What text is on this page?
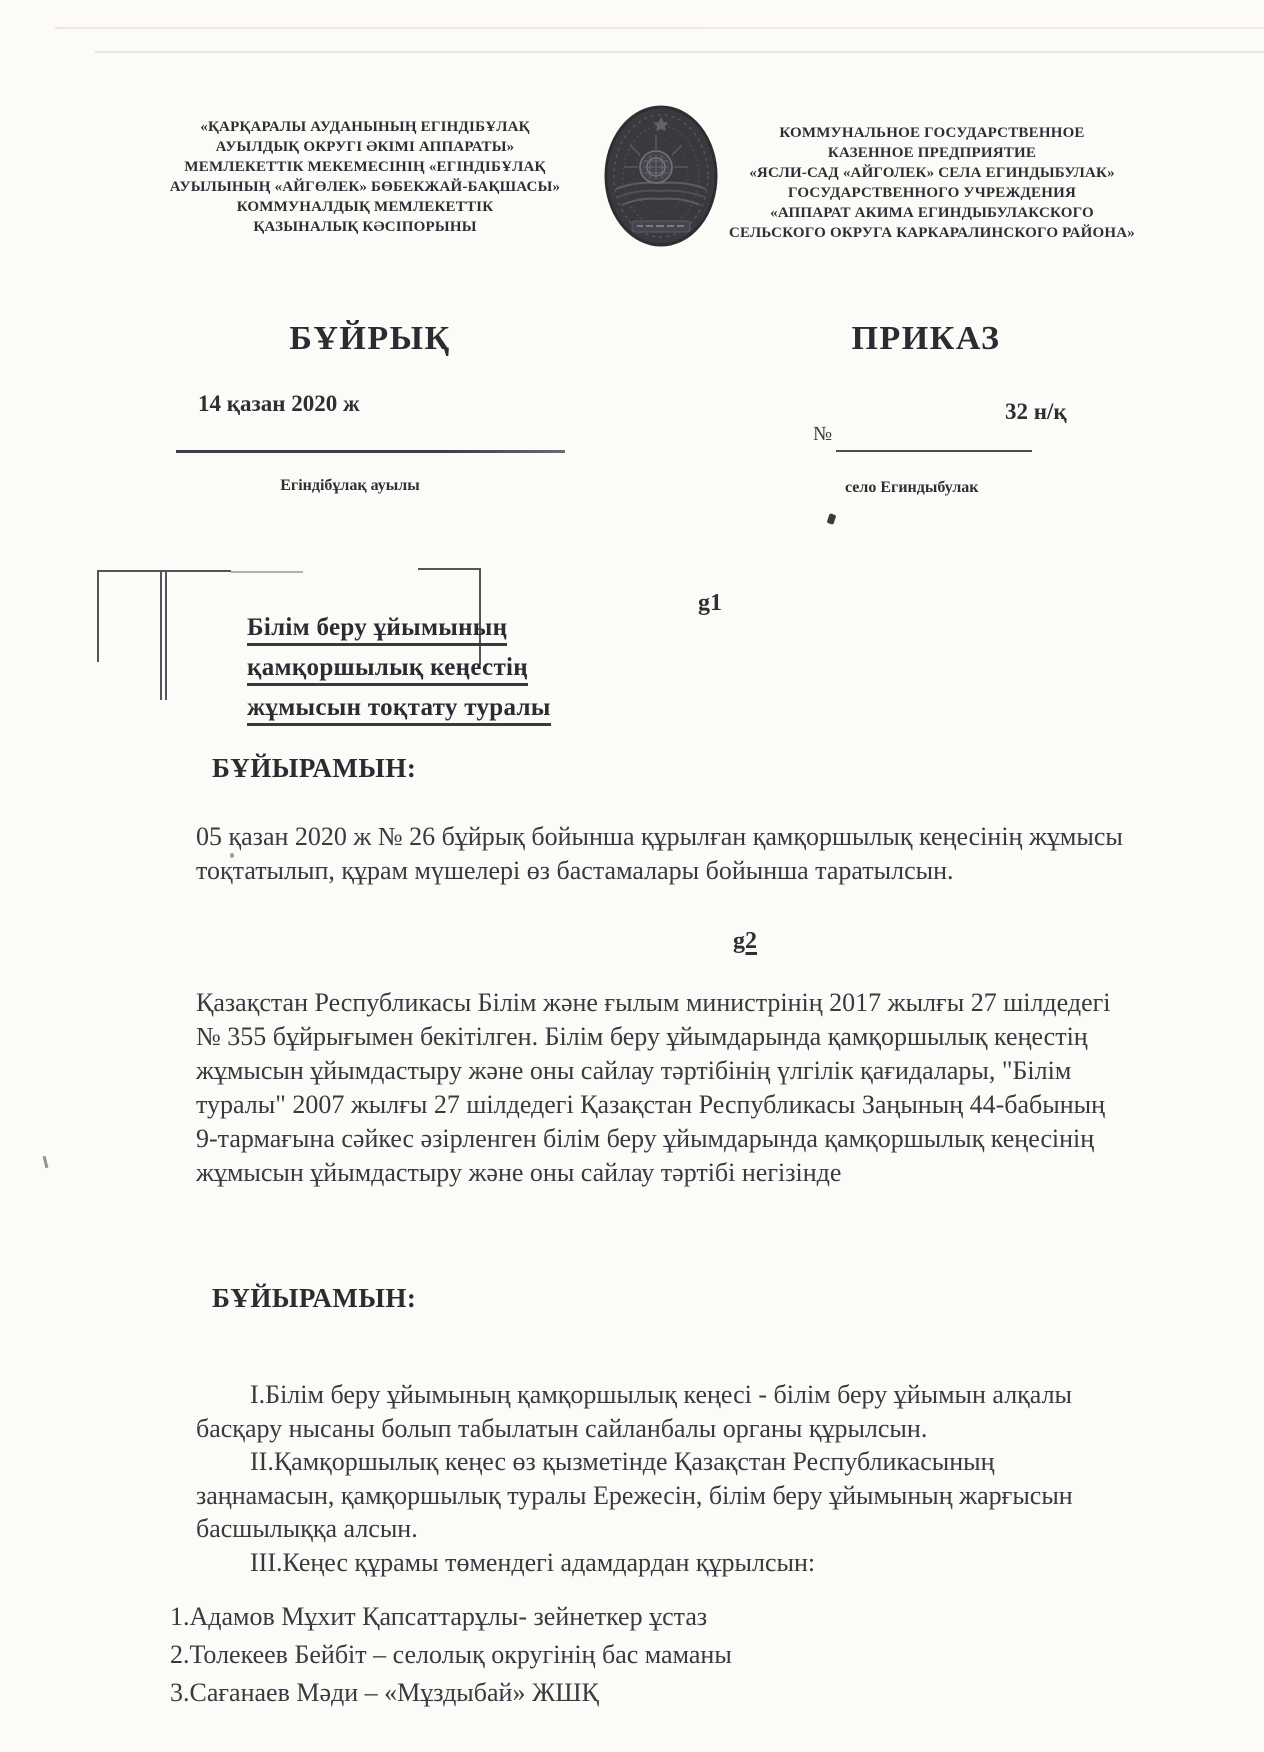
«ҚАРҚАРАЛЫ АУДАНЫНЫҢ ЕГІНДІБҰЛАҚ
АУЫЛДЫҚ ОКРУГІ ӘКІМІ АППАРАТЫ»
МЕМЛЕКЕТТІК МЕКЕМЕСІНІҢ «ЕГІНДІБҰЛАҚ
АУЫЛЫНЫҢ «АЙГӨЛЕК» БӨБЕКЖАЙ-БАҚШАСЫ»
КОММУНАЛДЫҚ МЕМЛЕКЕТТІК
ҚАЗЫНАЛЫҚ КӘСІПОРЫНЫ
КОММУНАЛЬНОЕ ГОСУДАРСТВЕННОЕ
КАЗЕННОЕ ПРЕДПРИЯТИЕ
«ЯСЛИ-САД «АЙГОЛЕК» СЕЛА ЕГИНДЫБУЛАК»
ГОСУДАРСТВЕННОГО УЧРЕЖДЕНИЯ
«АППАРАТ АКИМА ЕГИНДЫБУЛАКСКОГО
СЕЛЬСКОГО ОКРУГА КАРКАРАЛИНСКОГО РАЙОНА»
БҰЙРЫҚ	ПРИКАЗ
14 қазан 2020 ж	32 н/қ
№
Егіндібұлақ ауылы	село Егиндыбулак
g1
Білім беру ұйымының
қамқоршылық кеңестің
жұмысын тоқтату туралы
БҰЙЫРАМЫН:
05 қазан 2020 ж № 26 бұйрық бойынша құрылған қамқоршылық кеңесінің жұмысы тоқтатылып, құрам мүшелері өз бастамалары бойынша таратылсын.
g2
Қазақстан Республикасы Білім және ғылым министрінің 2017 жылғы 27 шілдедегі № 355 бұйрығымен бекітілген. Білім беру ұйымдарында қамқоршылық кеңестің жұмысын ұйымдастыру және оны сайлау тәртібінің үлгілік қағидалары, "Білім туралы" 2007 жылғы 27 шілдедегі Қазақстан Республикасы Заңының 44-бабының 9-тармағына сәйкес әзірленген білім беру ұйымдарында қамқоршылық кеңесінің жұмысын ұйымдастыру және оны сайлау тәртібі негізінде
БҰЙЫРАМЫН:

I.Білім беру ұйымының қамқоршылық кеңесі - білім беру ұйымын алқалы басқару нысаны болып табылатын сайланбалы органы құрылсын.

II.Қамқоршылық кеңес өз қызметінде Қазақстан Республикасының заңнамасын, қамқоршылық туралы Ережесін, білім беру ұйымының жарғысын басшылыққа алсын.

III.Кеңес құрамы төмендегі адамдардан құрылсын:

1.Адамов Мұхит Қапсаттарұлы- зейнеткер ұстаз
2.Толекеев Бейбіт – селолық округінің бас маманы
3.Сағанаев Мәди – «Мұздыбай» ЖШҚ
